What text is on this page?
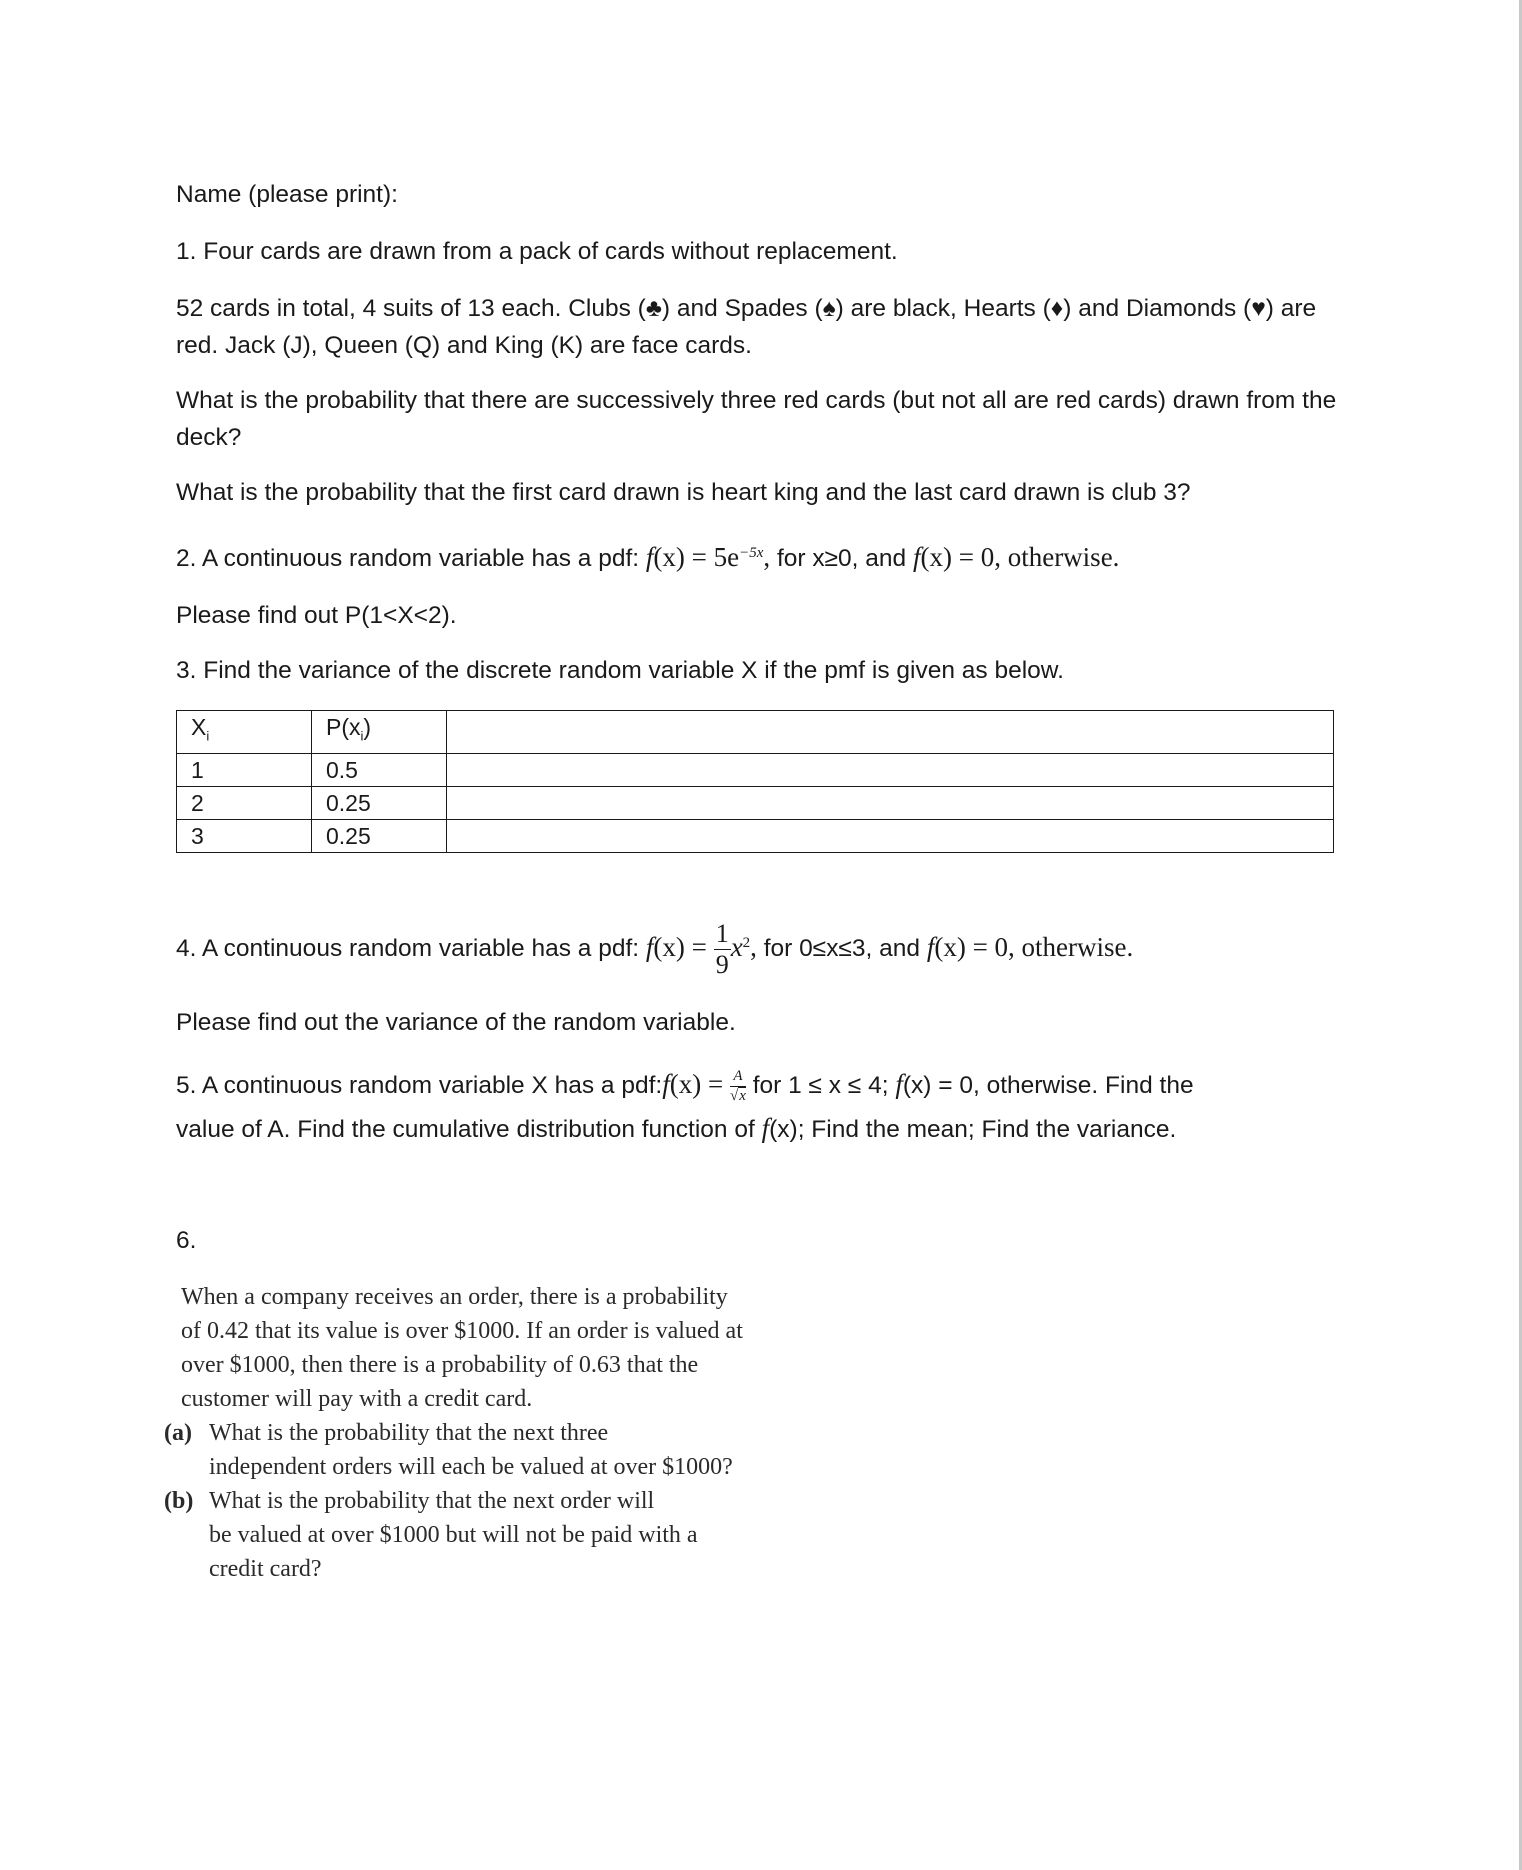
Name (please print):
1. Four cards are drawn from a pack of cards without replacement.
52 cards in total, 4 suits of 13 each. Clubs (♣) and Spades (♠) are black, Hearts (♦) and Diamonds (♥) are red. Jack (J), Queen (Q) and King (K) are face cards.
What is the probability that there are successively three red cards (but not all are red cards) drawn from the deck?
What is the probability that the first card drawn is heart king and the last card drawn is club 3?
2. A continuous random variable has a pdf: $f(x) = 5e^{-5x}$, for x≥0, and f(x) = 0, otherwise.
Please find out P(1<X<2).
3. Find the variance of the discrete random variable X if the pmf is given as below.
$X_i$	$P(x_i)$	
1	0.5	
2	0.25	
3	0.25	
4. A continuous random variable has a pdf: $f(x) = \frac{1}{9} x^2$, for 0≤x≤3, and f(x) = 0, otherwise.
Please find out the variance of the random variable.
5. A continuous random variable X has a pdf:f(x) = $\frac{A}{√x}$ for 1 ≤ x ≤ 4; f(x) = 0, otherwise. Find the
value of A. Find the cumulative distribution function of f(x); Find the mean; Find the variance.
6.
When a company receives an order, there is a probability
of 0.42 that its value is over $1000. If an order is valued at
over $1000, then there is a probability of 0.63 that the
customer will pay with a credit card.
(a) What is the probability that the next three
independent orders will each be valued at over $1000?
(b) What is the probability that the next order will
be valued at over $1000 but will not be paid with a
credit card?
